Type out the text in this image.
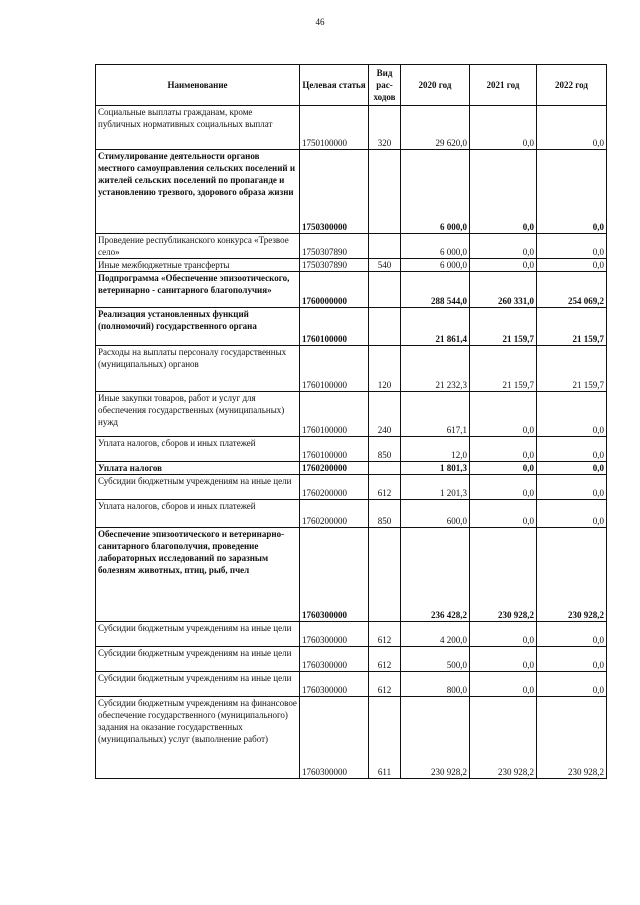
46
Наименование	Целевая статья	Вид рас-ходов	2020 год	2021 год	2022 год
Социальные выплаты гражданам, кроме публичных нормативных социальных выплат	1750100000	320	29 620,0	0,0	0,0
Стимулирование деятельности органов местного самоуправления сельских поселений и жителей сельских поселений по пропаганде и установлению трезвого, здорового образа жизни	1750300000		6 000,0	0,0	0,0
Проведение республиканского конкурса «Трезвое село»	1750307890		6 000,0	0,0	0,0
Иные межбюджетные трансферты	1750307890	540	6 000,0	0,0	0,0
Подпрограмма «Обеспечение эпизоотического, ветеринарно - санитарного благополучия»	1760000000		288 544,0	260 331,0	254 069,2
Реализация установленных функций (полномочий) государственного органа	1760100000		21 861,4	21 159,7	21 159,7
Расходы на выплаты персоналу государственных (муниципальных) органов	1760100000	120	21 232,3	21 159,7	21 159,7
Иные закупки товаров, работ и услуг для обеспечения государственных (муниципальных) нужд	1760100000	240	617,1	0,0	0,0
Уплата налогов, сборов и иных платежей	1760100000	850	12,0	0,0	0,0
Уплата налогов	1760200000		1 801,3	0,0	0,0
Субсидии бюджетным учреждениям на иные цели	1760200000	612	1 201,3	0,0	0,0
Уплата налогов, сборов и иных платежей	1760200000	850	600,0	0,0	0,0
Обеспечение эпизоотического и ветеринарно-санитарного благополучия, проведение лабораторных исследований по заразным болезням животных, птиц, рыб, пчел	1760300000		236 428,2	230 928,2	230 928,2
Субсидии бюджетным учреждениям на иные цели	1760300000	612	4 200,0	0,0	0,0
Субсидии бюджетным учреждениям на иные цели	1760300000	612	500,0	0,0	0,0
Субсидии бюджетным учреждениям на иные цели	1760300000	612	800,0	0,0	0,0
Субсидии бюджетным учреждениям на финансовое обеспечение государственного (муниципального) задания на оказание государственных (муниципальных) услуг (выполнение работ)	1760300000	611	230 928,2	230 928,2	230 928,2
